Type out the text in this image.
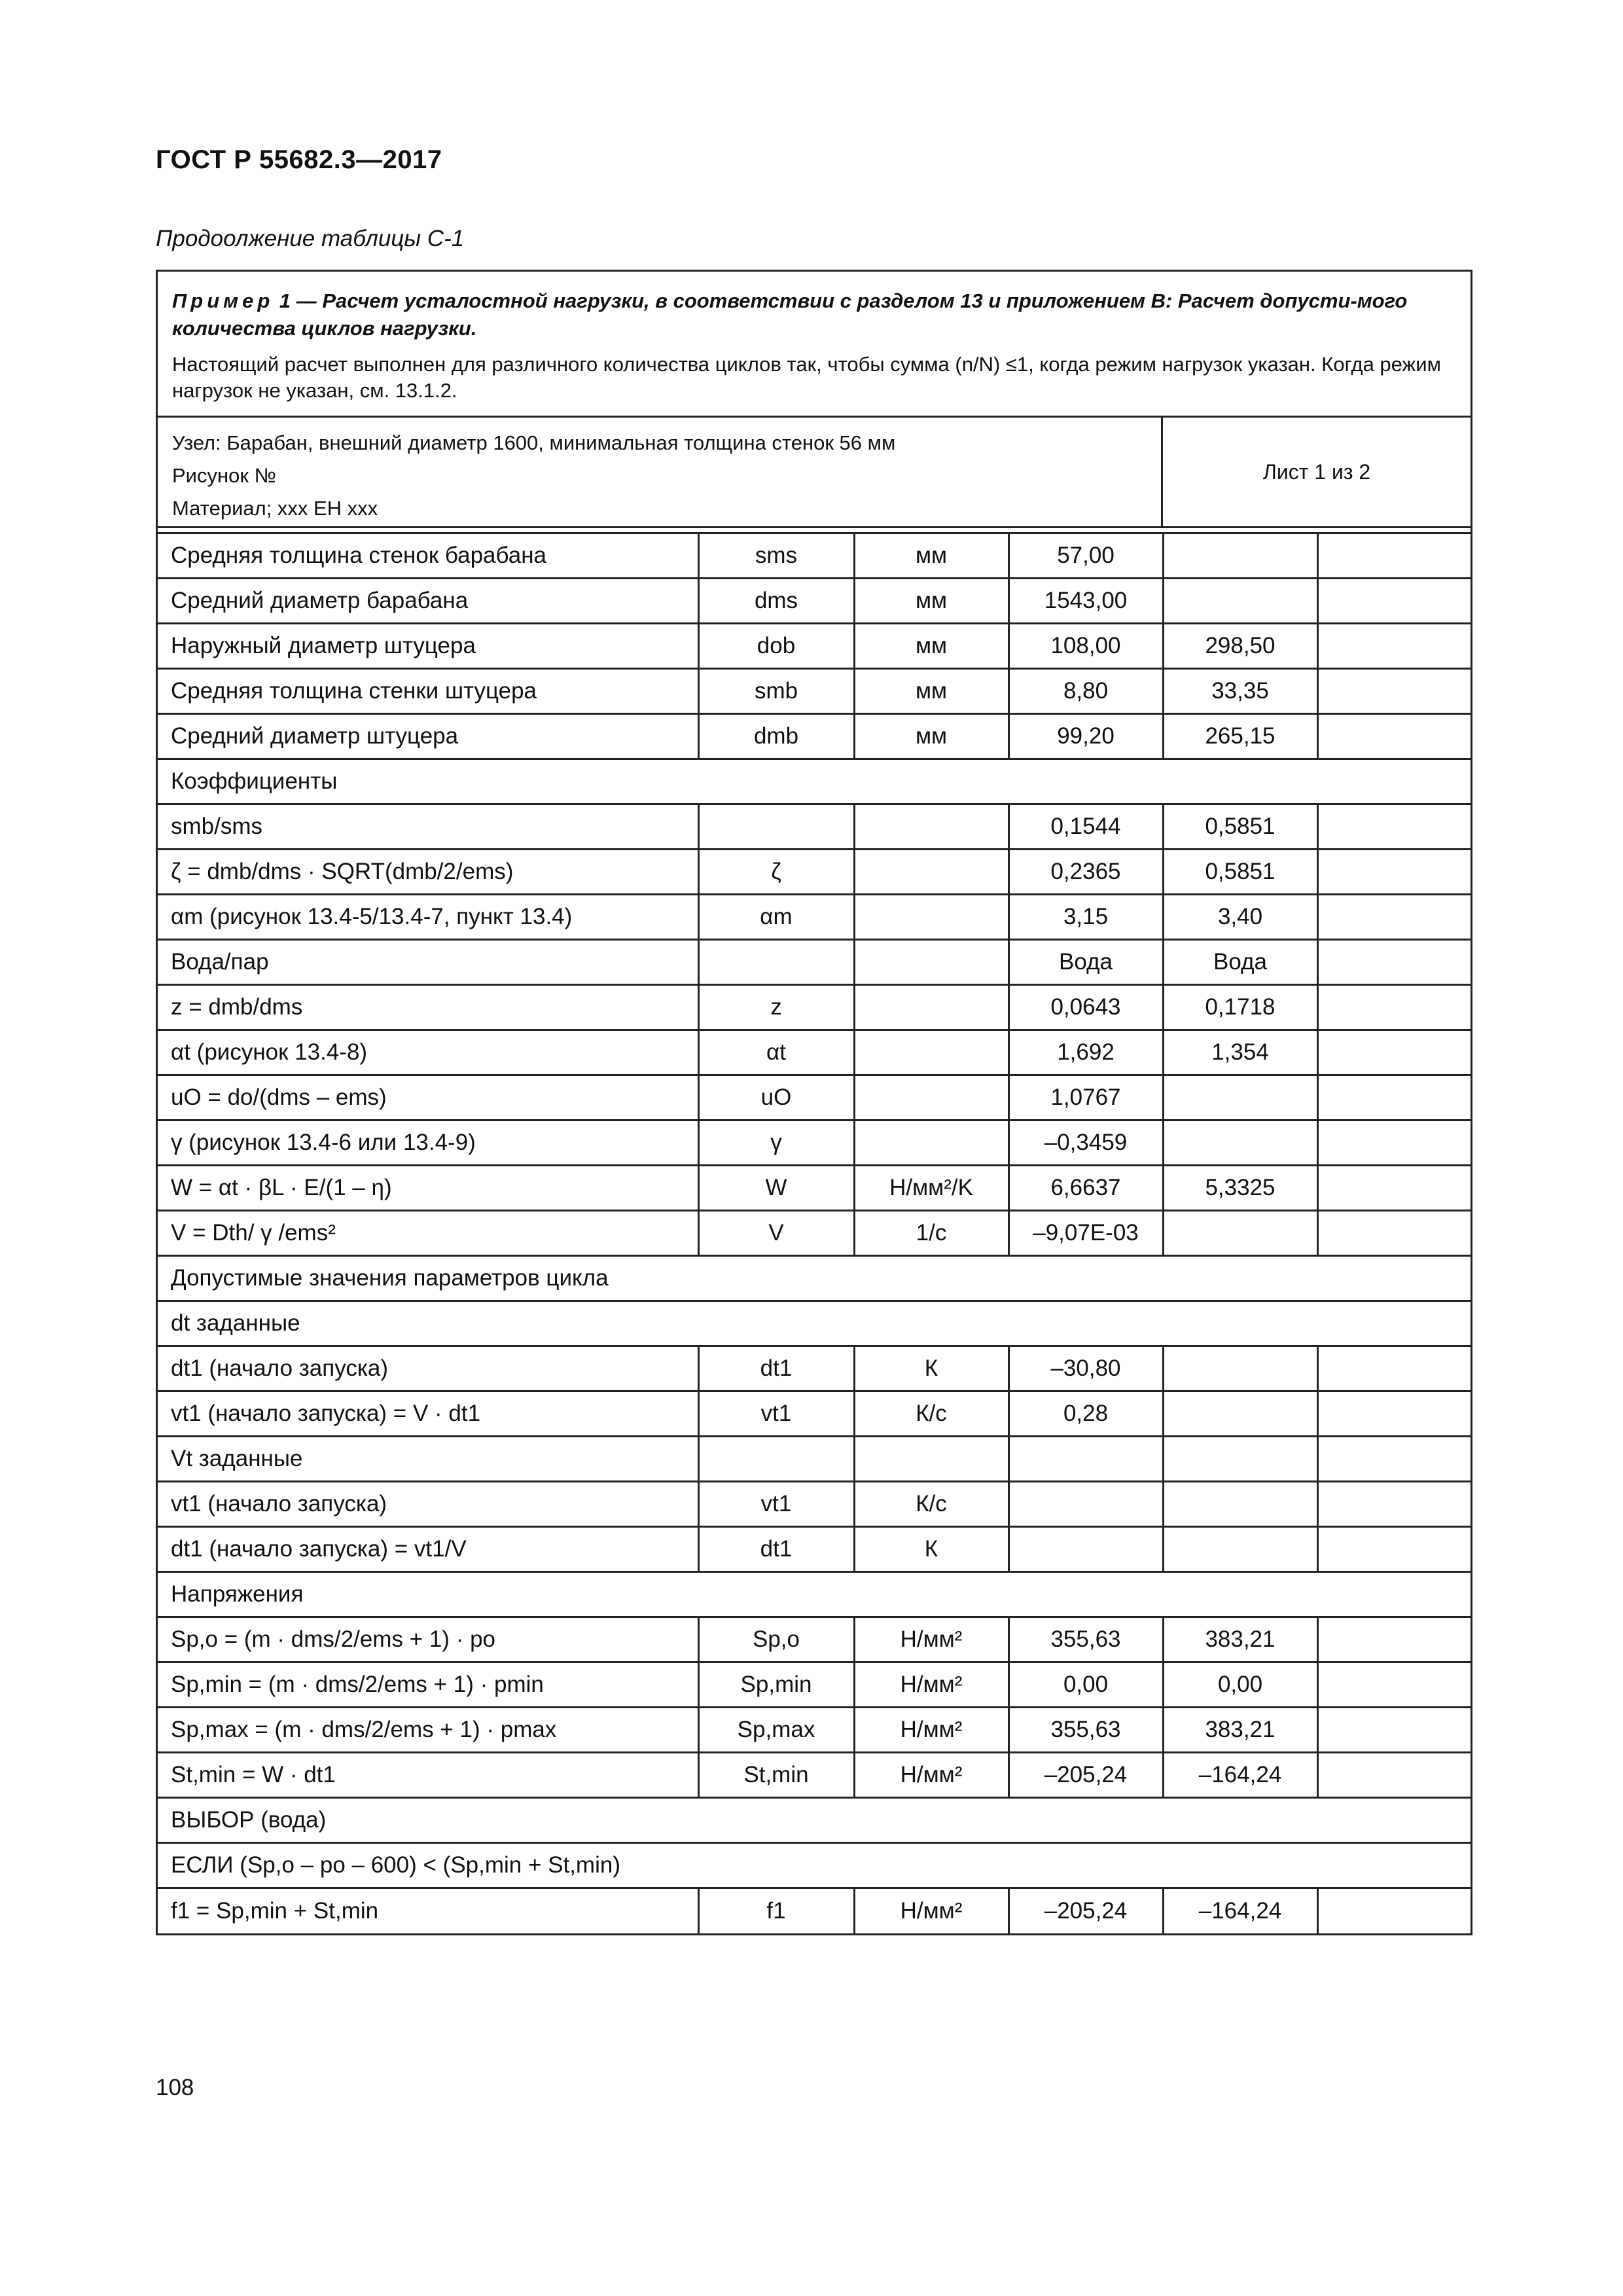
ГОСТ Р 55682.3—2017
Продоолжение таблицы С-1

Пример 1 — Расчет усталостной нагрузки, в соответствии с разделом 13 и приложением В: Расчет допусти-мого количества циклов нагрузки.

Настоящий расчет выполнен для различного количества циклов так, чтобы сумма (n/N) ≤1, когда режим нагрузок указан. Когда режим нагрузок не указан, см. 13.1.2.

Узел: Барабан, внешний диаметр 1600, минимальная толщина стенок 56 мм
Рисунок №
Материал; xxx EH xxx
Лист 1 из 2
Средняя толщина стенок барабана	sms	мм	57,00		
Средний диаметр барабана	dms	мм	1543,00		
Наружный диаметр штуцера	dob	мм	108,00	298,50	
Средняя толщина стенки штуцера	smb	мм	8,80	33,35	
Средний диаметр штуцера	dmb	мм	99,20	265,15	
Коэффициенты					
smb/sms			0,1544	0,5851	
ζ = dmb/dms · SQRT(dmb/2/ems)	ζ		0,2365	0,5851	
αm (рисунок 13.4-5/13.4-7, пункт 13.4)	αm		3,15	3,40	
Вода/пар			Вода	Вода	
z = dmb/dms	z		0,0643	0,1718	
αt (рисунок 13.4-8)	αt		1,692	1,354	
uO = do/(dms – ems)	uO		1,0767		
γ (рисунок 13.4-6 или 13.4-9)	γ		–0,3459		
W = αt · βL · E/(1 – η)	W	Н/мм²/K	6,6637	5,3325	
V = Dth/ γ /ems²	V	1/с	–9,07E-03		
Допустимые значения параметров цикла					
dt заданные					
dt1 (начало запуска)	dt1	К	–30,80		
vt1 (начало запуска) = V · dt1	vt1	К/с	0,28		
Vt заданные					
vt1 (начало запуска)	vt1	К/с			
dt1 (начало запуска) = vt1/V	dt1	К			
Напряжения					
Sp,o = (m · dms/2/ems + 1) · po	Sp,o	Н/мм²	355,63	383,21	
Sp,min = (m · dms/2/ems + 1) · pmin	Sp,min	Н/мм²	0,00	0,00	
Sp,max = (m · dms/2/ems + 1) · pmax	Sp,max	Н/мм²	355,63	383,21	
St,min = W · dt1	St,min	Н/мм²	–205,24	–164,24	
ВЫБОР (вода)					
ЕСЛИ (Sp,o – po – 600) < (Sp,min + St,min)					
f1 = Sp,min + St,min	f1	Н/мм²	–205,24	–164,24	
108
